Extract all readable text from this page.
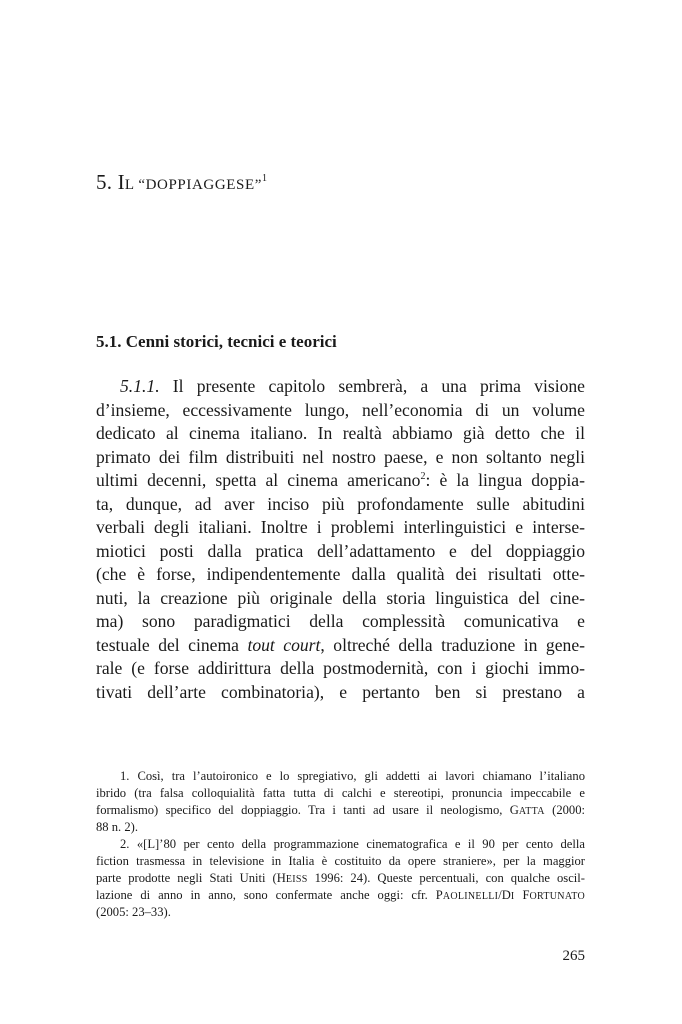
5. IL “DOPPIAGGESE”$^1$
5.1. Cenni storici, tecnici e teorici
5.1.1. Il presente capitolo sembrerà, a una prima visione
d’insieme, eccessivamente lungo, nell’economia di un volume
dedicato al cinema italiano. In realtà abbiamo già detto che il
primato dei film distribuiti nel nostro paese, e non soltanto negli
ultimi decenni, spetta al cinema americano$^2$: è la lingua doppia-
ta, dunque, ad aver inciso più profondamente sulle abitudini
verbali degli italiani. Inoltre i problemi interlinguistici e interse-
miotici posti dalla pratica dell’adattamento e del doppiaggio
(che è forse, indipendentemente dalla qualità dei risultati otte-
nuti, la creazione più originale della storia linguistica del cine-
ma) sono paradigmatici della complessità comunicativa e
testuale del cinema tout court, oltreché della traduzione in gene-
rale (e forse addirittura della postmodernità, con i giochi immo-
tivati dell’arte combinatoria), e pertanto ben si prestano a
1. Così, tra l’autoironico e lo spregiativo, gli addetti ai lavori chiamano l’italiano
ibrido (tra falsa colloquialità fatta tutta di calchi e stereotipi, pronuncia impeccabile e
formalismo) specifico del doppiaggio. Tra i tanti ad usare il neologismo, GATTA (2000:
88 n. 2).
2. «[L]’80 per cento della programmazione cinematografica e il 90 per cento della
fiction trasmessa in televisione in Italia è costituito da opere straniere», per la maggior
parte prodotte negli Stati Uniti (HEISS 1996: 24). Queste percentuali, con qualche oscil-
lazione di anno in anno, sono confermate anche oggi: cfr. PAOLINELLI/DI FORTUNATO
(2005: 23–33).
265
